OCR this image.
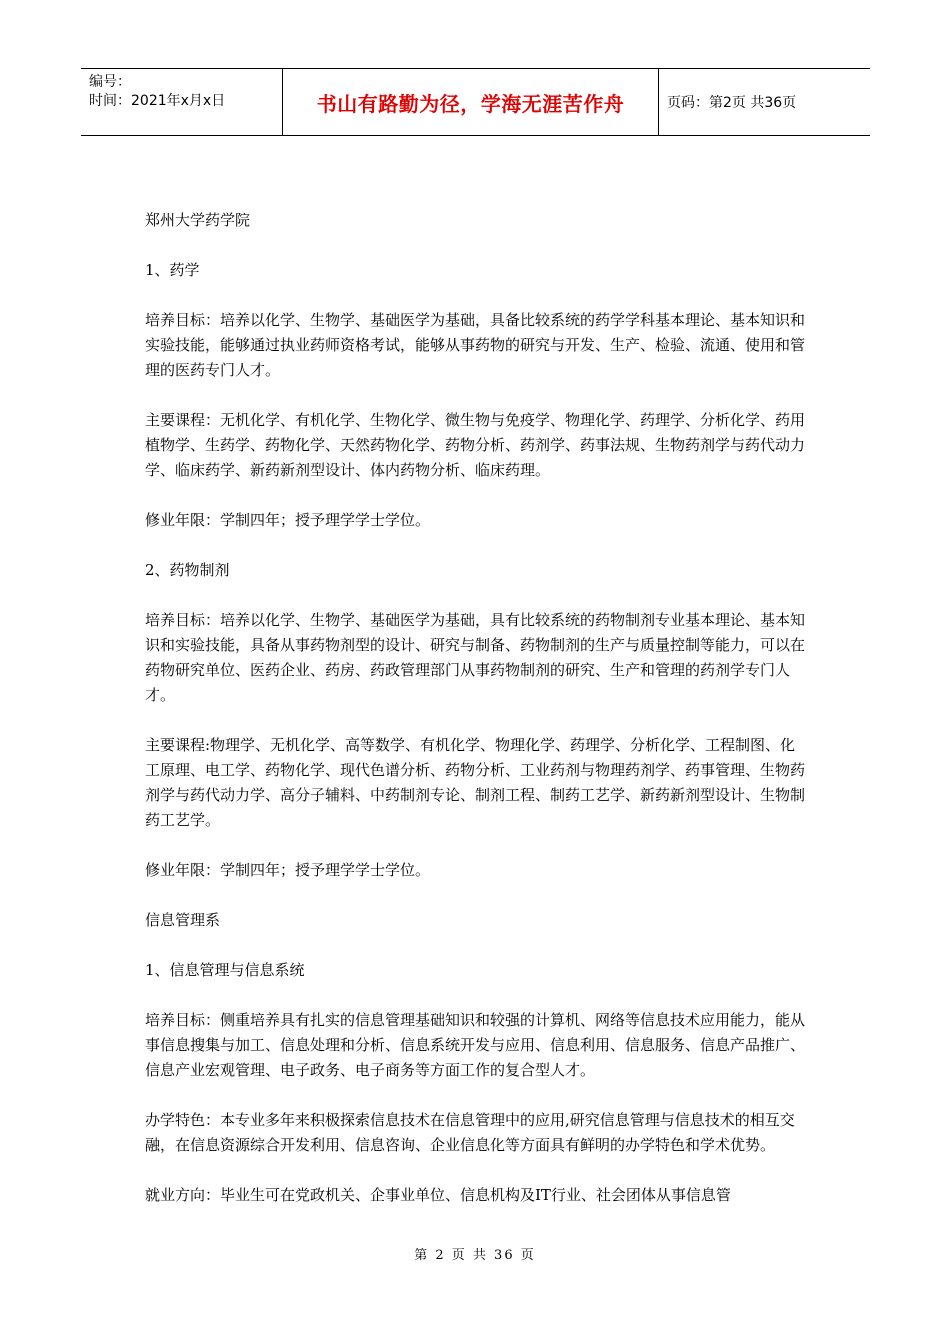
编号：
时间：2021年x月x日	书山有路勤为径，学海无涯苦作舟	页码：第2页 共36页

郑州大学药学院

1、药学

培养目标：培养以化学、生物学、基础医学为基础，具备比较系统的药学学科基本理论、基本知识和实验技能，能够通过执业药师资格考试，能够从事药物的研究与开发、生产、检验、流通、使用和管理的医药专门人才。

主要课程：无机化学、有机化学、生物化学、微生物与免疫学、物理化学、药理学、分析化学、药用植物学、生药学、药物化学、天然药物化学、药物分析、药剂学、药事法规、生物药剂学与药代动力学、临床药学、新药新剂型设计、体内药物分析、临床药理。

修业年限：学制四年；授予理学学士学位。

2、药物制剂

培养目标：培养以化学、生物学、基础医学为基础，具有比较系统的药物制剂专业基本理论、基本知识和实验技能，具备从事药物剂型的设计、研究与制备、药物制剂的生产与质量控制等能力，可以在药物研究单位、医药企业、药房、药政管理部门从事药物制剂的研究、生产和管理的药剂学专门人才。

主要课程:物理学、无机化学、高等数学、有机化学、物理化学、药理学、分析化学、工程制图、化工原理、电工学、药物化学、现代色谱分析、药物分析、工业药剂与物理药剂学、药事管理、生物药剂学与药代动力学、高分子辅料、中药制剂专论、制剂工程、制药工艺学、新药新剂型设计、生物制药工艺学。

修业年限：学制四年；授予理学学士学位。

信息管理系

1、信息管理与信息系统

培养目标：侧重培养具有扎实的信息管理基础知识和较强的计算机、网络等信息技术应用能力，能从事信息搜集与加工、信息处理和分析、信息系统开发与应用、信息利用、信息服务、信息产品推广、信息产业宏观管理、电子政务、电子商务等方面工作的复合型人才。

办学特色：本专业多年来积极探索信息技术在信息管理中的应用,研究信息管理与信息技术的相互交融，在信息资源综合开发利用、信息咨询、企业信息化等方面具有鲜明的办学特色和学术优势。

就业方向：毕业生可在党政机关、企事业单位、信息机构及IT行业、社会团体从事信息管

第 2 页 共 36 页
